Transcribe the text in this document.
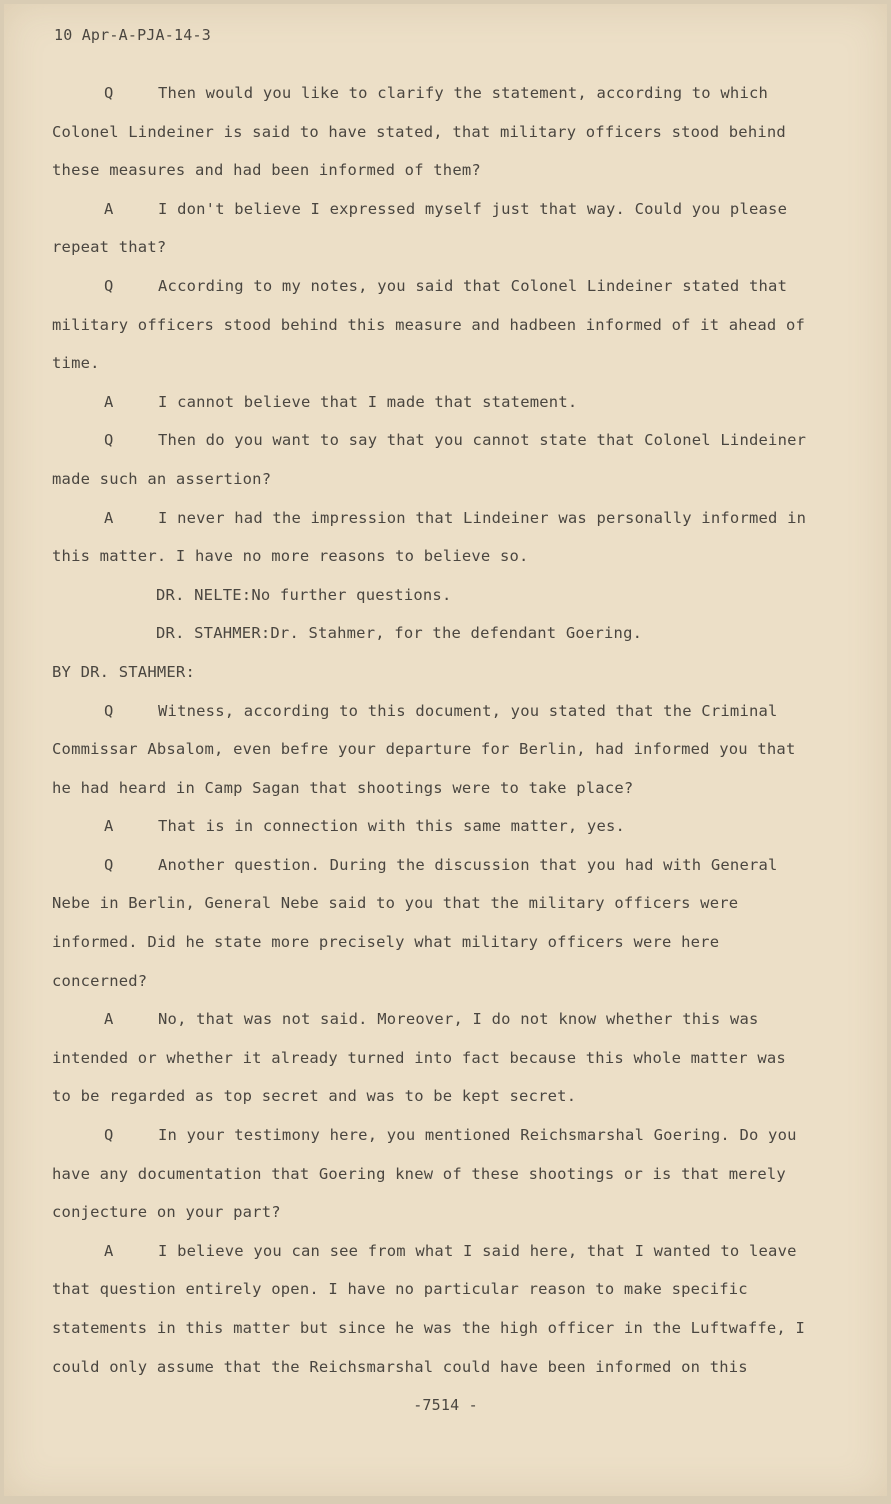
10 Apr-A-PJA-14-3
Q	Then would you like to clarify the statement, according to which Colonel Lindeiner is said to have stated, that military officers stood behind these measures and had been informed of them?
A	I don't believe I expressed myself just that way. Could you please repeat that?
Q	According to my notes, you said that Colonel Lindeiner stated that military officers stood behind this measure and hadbeen informed of it ahead of time.
A	I cannot believe that I made that statement.
Q	Then do you want to say that you cannot state that Colonel Lindeiner made such an assertion?
A	I never had the impression that Lindeiner was personally informed in this matter. I have no more reasons to believe so.
DR. NELTE:No further questions.
DR. STAHMER:Dr. Stahmer, for the defendant Goering.
BY DR. STAHMER:
Q	Witness, according to this document, you stated that the Criminal Commissar Absalom, even befre your departure for Berlin, had informed you that he had heard in Camp Sagan that shootings were to take place?
A	That is in connection with this same matter, yes.
Q	Another question. During the discussion that you had with General Nebe in Berlin, General Nebe said to you that the military officers were informed. Did he state more precisely what military officers were here concerned?
A	No, that was not said. Moreover, I do not know whether this was intended or whether it already turned into fact because this whole matter was to be regarded as top secret and was to be kept secret.
Q	In your testimony here, you mentioned Reichsmarshal Goering. Do you have any documentation that Goering knew of these shootings or is that merely conjecture on your part?
A	I believe you can see from what I said here, that I wanted to leave that question entirely open. I have no particular reason to make specific statements in this matter but since he was the high officer in the Luftwaffe, I could only assume that the Reichsmarshal could have been informed on this
-7514 -
